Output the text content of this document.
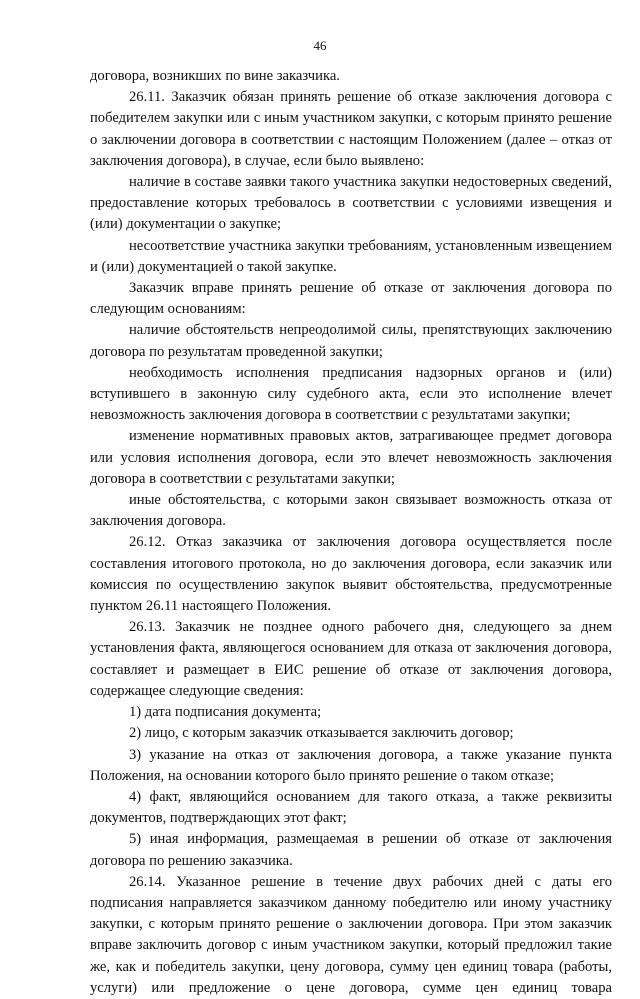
46

договора, возникших по вине заказчика.

26.11. Заказчик обязан принять решение об отказе заключения договора с победителем закупки или с иным участником закупки, с которым принято решение о заключении договора в соответствии с настоящим Положением (далее – отказ от заключения договора), в случае, если было выявлено:

наличие в составе заявки такого участника закупки недостоверных сведений, предоставление которых требовалось в соответствии с условиями извещения и (или) документации о закупке;

несоответствие участника закупки требованиям, установленным извещением и (или) документацией о такой закупке.

Заказчик вправе принять решение об отказе от заключения договора по следующим основаниям:

наличие обстоятельств непреодолимой силы, препятствующих заключению договора по результатам проведенной закупки;

необходимость исполнения предписания надзорных органов и (или) вступившего в законную силу судебного акта, если это исполнение влечет невозможность заключения договора в соответствии с результатами закупки;

изменение нормативных правовых актов, затрагивающее предмет договора или условия исполнения договора, если это влечет невозможность заключения договора в соответствии с результатами закупки;

иные обстоятельства, с которыми закон связывает возможность отказа от заключения договора.

26.12. Отказ заказчика от заключения договора осуществляется после составления итогового протокола, но до заключения договора, если заказчик или комиссия по осуществлению закупок выявит обстоятельства, предусмотренные пунктом 26.11 настоящего Положения.

26.13. Заказчик не позднее одного рабочего дня, следующего за днем установления факта, являющегося основанием для отказа от заключения договора, составляет и размещает в ЕИС решение об отказе от заключения договора, содержащее следующие сведения:

1) дата подписания документа;

2) лицо, с которым заказчик отказывается заключить договор;

3) указание на отказ от заключения договора, а также указание пункта Положения, на основании которого было принято решение о таком отказе;

4) факт, являющийся основанием для такого отказа, а также реквизиты документов, подтверждающих этот факт;

5) иная информация, размещаемая в решении об отказе от заключения договора по решению заказчика.

26.14. Указанное решение в течение двух рабочих дней с даты его подписания направляется заказчиком данному победителю или иному участнику закупки, с которым принято решение о заключении договора. При этом заказчик вправе заключить договор с иным участником закупки, который предложил такие же, как и победитель закупки, цену договора, сумму цен единиц товара (работы, услуги) или предложение о цене договора, сумме цен единиц товара
